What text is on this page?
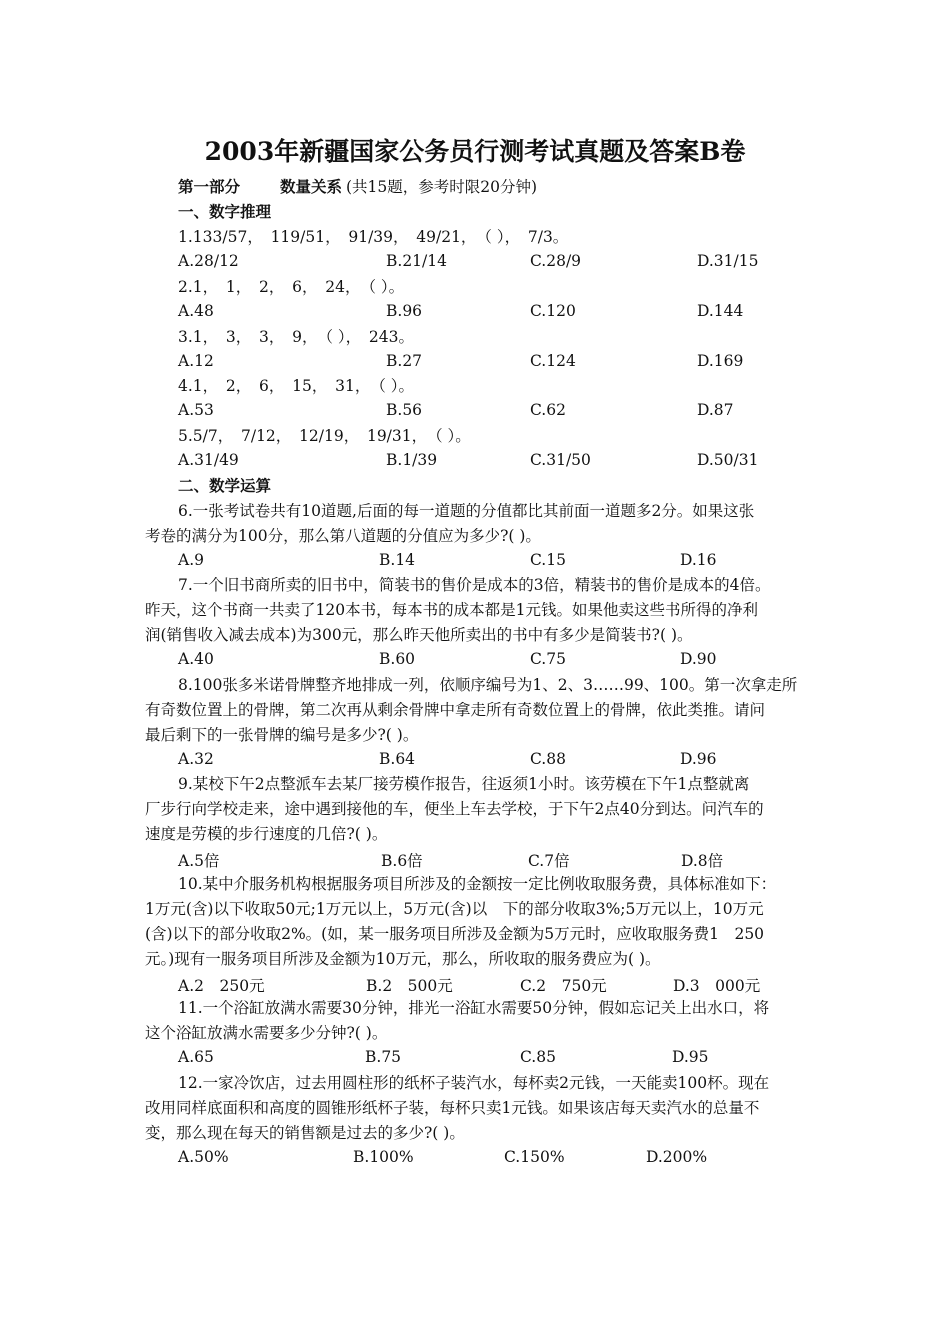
2003年新疆国家公务员行测考试真题及答案B卷
第一部分	数量关系 (共15题，参考时限20分钟)
一、数字推理
1.133/57，　119/51，　91/39，　49/21，　（ ），　7/3。
A.28/12	B.21/14	C.28/9	D.31/15
2.1，　1，　2，　6，　24，　（ ）。
A.48	B.96	C.120	D.144
3.1，　3，　3，　9，　（ ），　243。
A.12	B.27	C.124	D.169
4.1，　2，　6，　15，　31，　（ ）。
A.53	B.56	C.62	D.87
5.5/7，　7/12，　12/19，　19/31，　（ ）。
A.31/49	B.1/39	C.31/50	D.50/31
二、数学运算
6.一张考试卷共有10道题,后面的每一道题的分值都比其前面一道题多2分。如果这张
考卷的满分为100分，那么第八道题的分值应为多少?( )。
A.9	B.14	C.15	D.16
7.一个旧书商所卖的旧书中，简装书的售价是成本的3倍，精装书的售价是成本的4倍。
昨天，这个书商一共卖了120本书，每本书的成本都是1元钱。如果他卖这些书所得的净利
润(销售收入减去成本)为300元，那么昨天他所卖出的书中有多少是简装书?( )。
A.40	B.60	C.75	D.90
8.100张多米诺骨牌整齐地排成一列，依顺序编号为1、2、3……99、100。第一次拿走所
有奇数位置上的骨牌，第二次再从剩余骨牌中拿走所有奇数位置上的骨牌，依此类推。请问
最后剩下的一张骨牌的编号是多少?( )。
A.32	B.64	C.88	D.96
9.某校下午2点整派车去某厂接劳模作报告，往返须1小时。该劳模在下午1点整就离
厂步行向学校走来，途中遇到接他的车，便坐上车去学校，于下午2点40分到达。问汽车的
速度是劳模的步行速度的几倍?( )。
A.5倍	B.6倍	C.7倍	D.8倍
10.某中介服务机构根据服务项目所涉及的金额按一定比例收取服务费，具体标准如下：
1万元(含)以下收取50元;1万元以上，5万元(含)以　下的部分收取3%;5万元以上，10万元
(含)以下的部分收取2%。(如，某一服务项目所涉及金额为5万元时，应收取服务费1　250
元。)现有一服务项目所涉及金额为10万元，那么，所收取的服务费应为( )。
A.2　250元	B.2　500元	C.2　750元	D.3　000元
11.一个浴缸放满水需要30分钟，排光一浴缸水需要50分钟，假如忘记关上出水口，将
这个浴缸放满水需要多少分钟?( )。
A.65	B.75	C.85	D.95
12.一家冷饮店，过去用圆柱形的纸杯子装汽水，每杯卖2元钱，一天能卖100杯。现在
改用同样底面积和高度的圆锥形纸杯子装，每杯只卖1元钱。如果该店每天卖汽水的总量不
变，那么现在每天的销售额是过去的多少?( )。
A.50%	B.100%	C.150%	D.200%
